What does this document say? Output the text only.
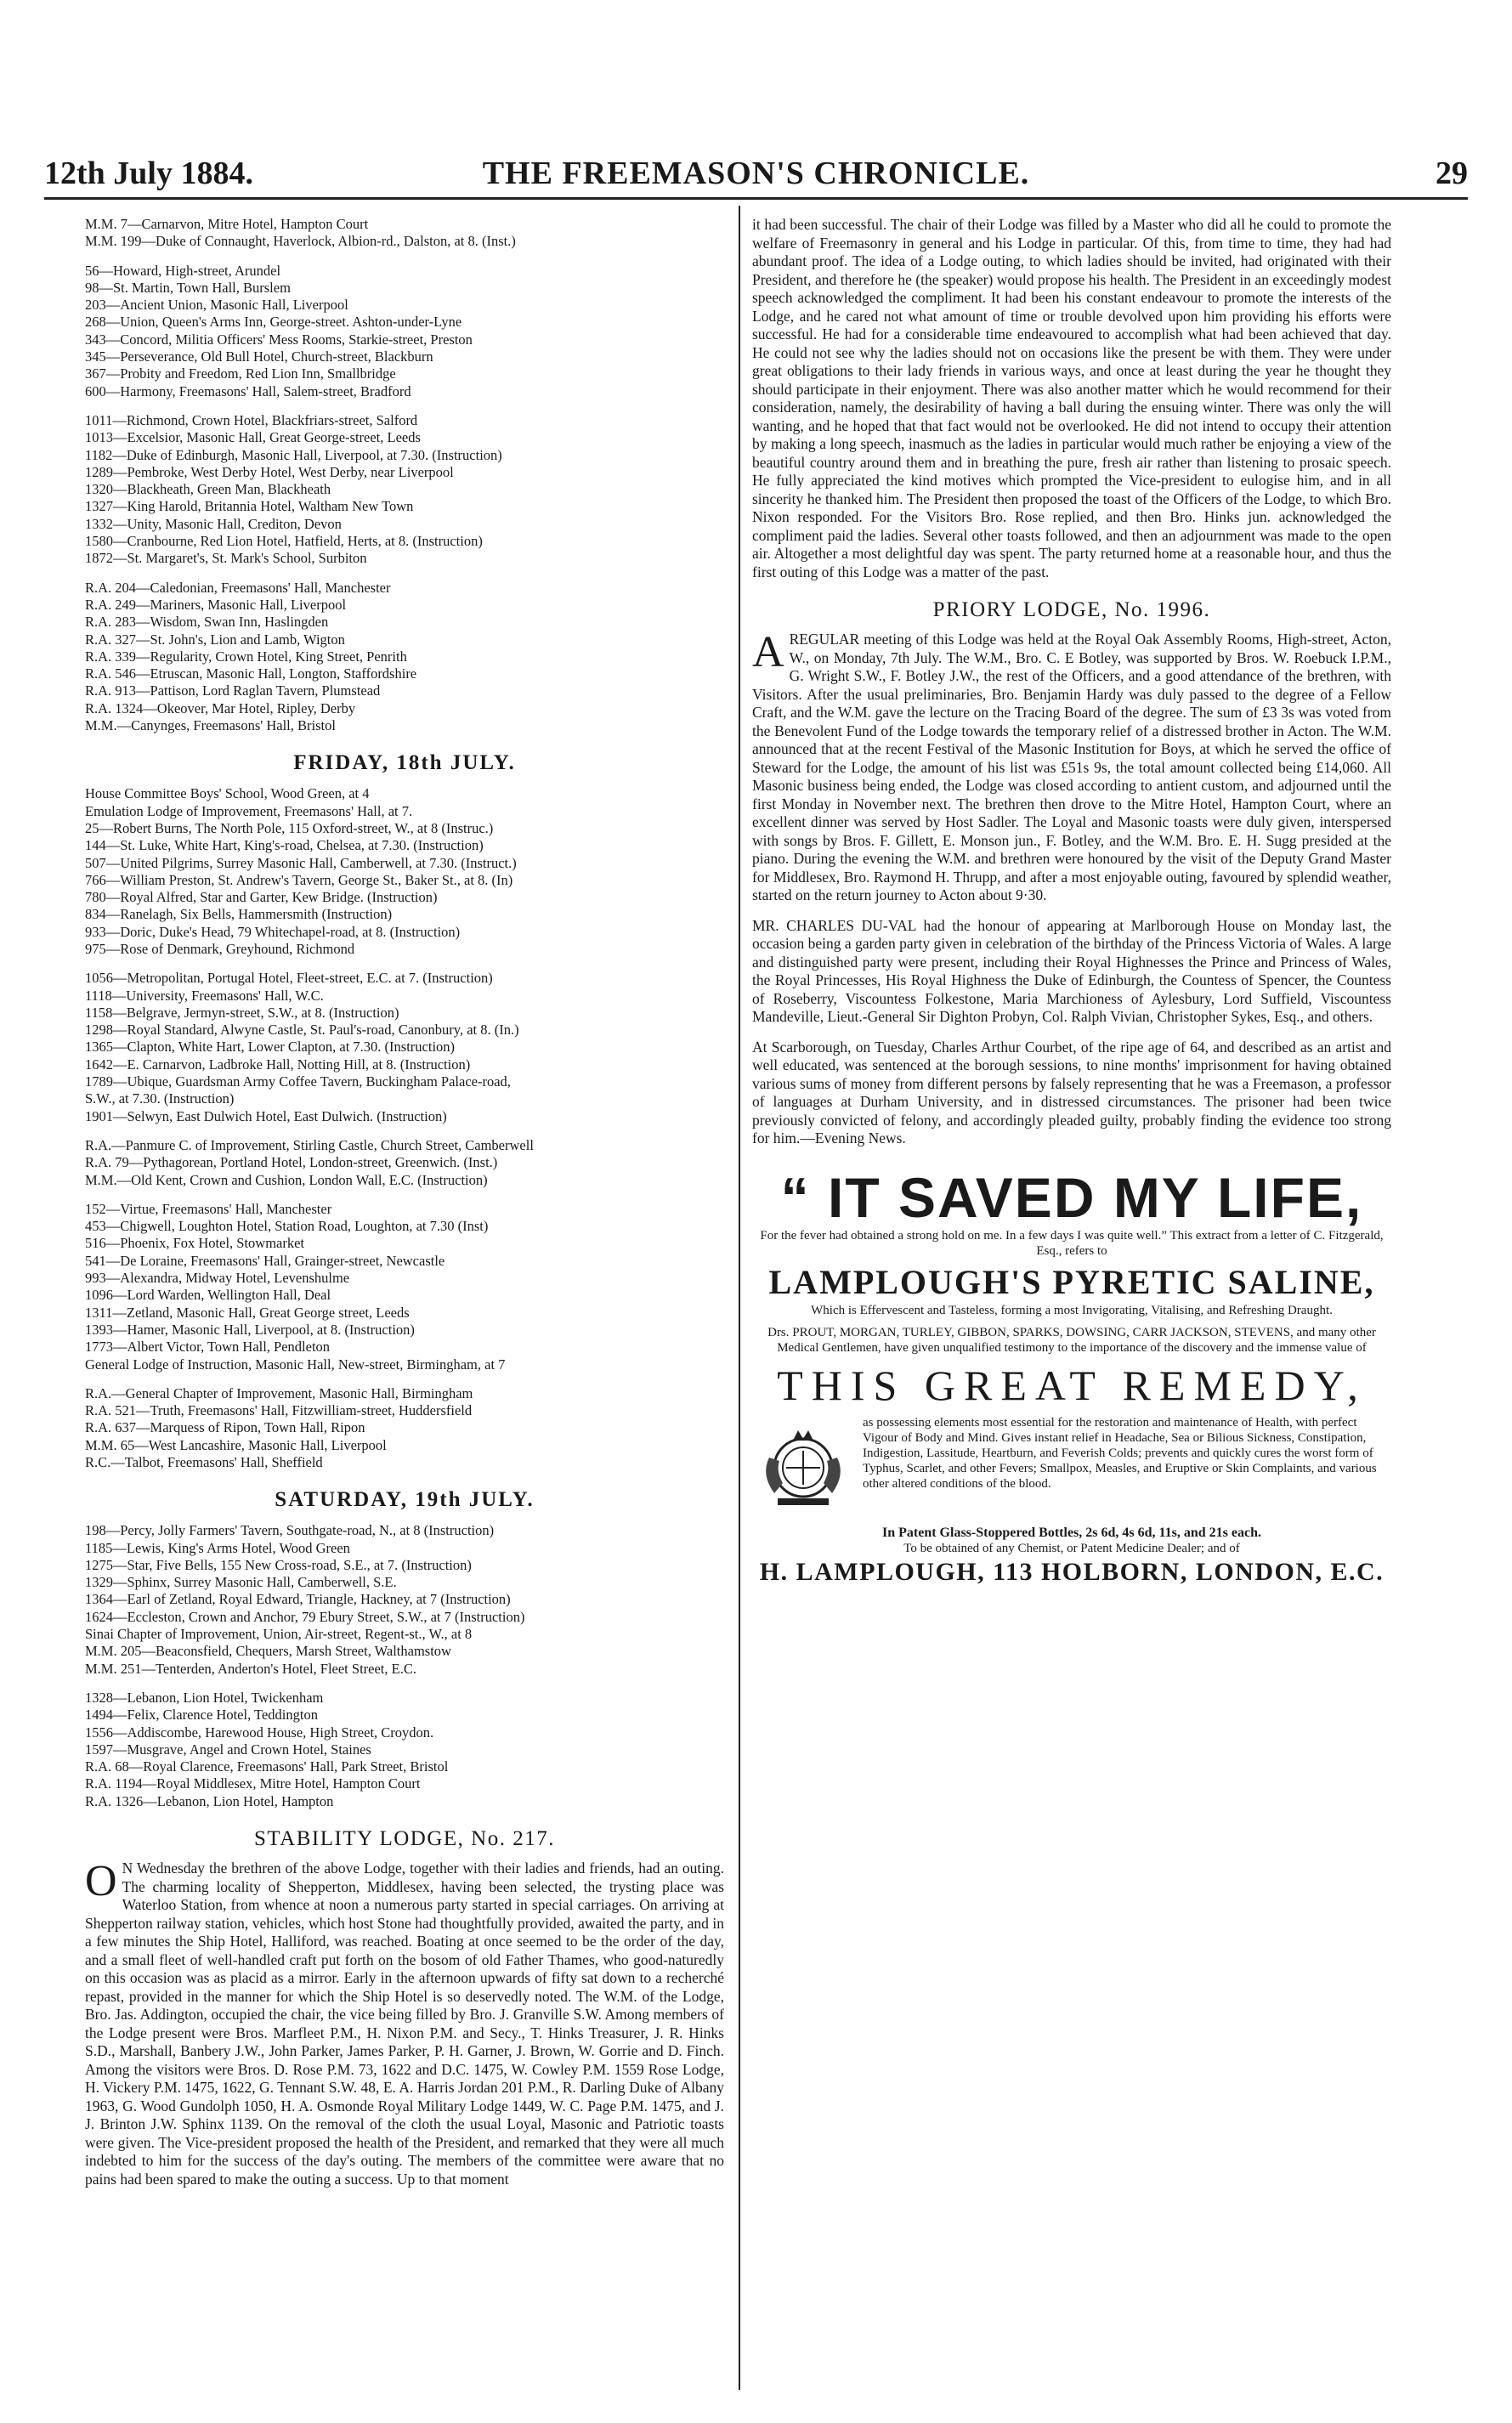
12th July 1884.	THE FREEMASON'S CHRONICLE.	29
M.M. 7—Carnarvon, Mitre Hotel, Hampton Court
M.M. 199—Duke of Connaught, Haverlock, Albion-rd., Dalston, at 8. (Inst.)
56—Howard, High-street, Arundel
98—St. Martin, Town Hall, Burslem
203—Ancient Union, Masonic Hall, Liverpool
268—Union, Queen's Arms Inn, George-street. Ashton-under-Lyne
343—Concord, Militia Officers' Mess Rooms, Starkie-street, Preston
345—Perseverance, Old Bull Hotel, Church-street, Blackburn
367—Probity and Freedom, Red Lion Inn, Smallbridge
600—Harmony, Freemasons' Hall, Salem-street, Bradford
1011—Richmond, Crown Hotel, Blackfriars-street, Salford
1013—Excelsior, Masonic Hall, Great George-street, Leeds
1182—Duke of Edinburgh, Masonic Hall, Liverpool, at 7.30. (Instruction)
1289—Pembroke, West Derby Hotel, West Derby, near Liverpool
1320—Blackheath, Green Man, Blackheath
1327—King Harold, Britannia Hotel, Waltham New Town
1332—Unity, Masonic Hall, Crediton, Devon
1580—Cranbourne, Red Lion Hotel, Hatfield, Herts, at 8. (Instruction)
1872—St. Margaret's, St. Mark's School, Surbiton
R.A. 204—Caledonian, Freemasons' Hall, Manchester
R.A. 249—Mariners, Masonic Hall, Liverpool
R.A. 283—Wisdom, Swan Inn, Haslingden
R.A. 327—St. John's, Lion and Lamb, Wigton
R.A. 339—Regularity, Crown Hotel, King Street, Penrith
R.A. 546—Etruscan, Masonic Hall, Longton, Staffordshire
R.A. 913—Pattison, Lord Raglan Tavern, Plumstead
R.A. 1324—Okeover, Mar Hotel, Ripley, Derby
M.M.—Canynges, Freemasons' Hall, Bristol
FRIDAY, 18th JULY.
House Committee Boys' School, Wood Green, at 4
Emulation Lodge of Improvement, Freemasons' Hall, at 7.
25—Robert Burns, The North Pole, 115 Oxford-street, W., at 8 (Instruc.)
144—St. Luke, White Hart, King's-road, Chelsea, at 7.30. (Instruction)
507—United Pilgrims, Surrey Masonic Hall, Camberwell, at 7.30. (Instruct.)
766—William Preston, St. Andrew's Tavern, George St., Baker St., at 8. (In)
780—Royal Alfred, Star and Garter, Kew Bridge. (Instruction)
834—Ranelagh, Six Bells, Hammersmith (Instruction)
933—Doric, Duke's Head, 79 Whitechapel-road, at 8. (Instruction)
975—Rose of Denmark, Greyhound, Richmond
1056—Metropolitan, Portugal Hotel, Fleet-street, E.C. at 7. (Instruction)
1118—University, Freemasons' Hall, W.C.
1158—Belgrave, Jermyn-street, S.W., at 8. (Instruction)
1298—Royal Standard, Alwyne Castle, St. Paul's-road, Canonbury, at 8. (In.)
1365—Clapton, White Hart, Lower Clapton, at 7.30. (Instruction)
1642—E. Carnarvon, Ladbroke Hall, Notting Hill, at 8. (Instruction)
1789—Ubique, Guardsman Army Coffee Tavern, Buckingham Palace-road,
S.W., at 7.30. (Instruction)
1901—Selwyn, East Dulwich Hotel, East Dulwich. (Instruction)
R.A.—Panmure C. of Improvement, Stirling Castle, Church Street, Camberwell
R.A. 79—Pythagorean, Portland Hotel, London-street, Greenwich. (Inst.)
M.M.—Old Kent, Crown and Cushion, London Wall, E.C. (Instruction)
152—Virtue, Freemasons' Hall, Manchester
453—Chigwell, Loughton Hotel, Station Road, Loughton, at 7.30 (Inst)
516—Phoenix, Fox Hotel, Stowmarket
541—De Loraine, Freemasons' Hall, Grainger-street, Newcastle
993—Alexandra, Midway Hotel, Levenshulme
1096—Lord Warden, Wellington Hall, Deal
1311—Zetland, Masonic Hall, Great George street, Leeds
1393—Hamer, Masonic Hall, Liverpool, at 8. (Instruction)
1773—Albert Victor, Town Hall, Pendleton
General Lodge of Instruction, Masonic Hall, New-street, Birmingham, at 7
R.A.—General Chapter of Improvement, Masonic Hall, Birmingham
R.A. 521—Truth, Freemasons' Hall, Fitzwilliam-street, Huddersfield
R.A. 637—Marquess of Ripon, Town Hall, Ripon
M.M. 65—West Lancashire, Masonic Hall, Liverpool
R.C.—Talbot, Freemasons' Hall, Sheffield
SATURDAY, 19th JULY.
198—Percy, Jolly Farmers' Tavern, Southgate-road, N., at 8 (Instruction)
1185—Lewis, King's Arms Hotel, Wood Green
1275—Star, Five Bells, 155 New Cross-road, S.E., at 7. (Instruction)
1329—Sphinx, Surrey Masonic Hall, Camberwell, S.E.
1364—Earl of Zetland, Royal Edward, Triangle, Hackney, at 7 (Instruction)
1624—Eccleston, Crown and Anchor, 79 Ebury Street, S.W., at 7 (Instruction)
Sinai Chapter of Improvement, Union, Air-street, Regent-st., W., at 8
M.M. 205—Beaconsfield, Chequers, Marsh Street, Walthamstow
M.M. 251—Tenterden, Anderton's Hotel, Fleet Street, E.C.
1328—Lebanon, Lion Hotel, Twickenham
1494—Felix, Clarence Hotel, Teddington
1556—Addiscombe, Harewood House, High Street, Croydon.
1597—Musgrave, Angel and Crown Hotel, Staines
R.A. 68—Royal Clarence, Freemasons' Hall, Park Street, Bristol
R.A. 1194—Royal Middlesex, Mitre Hotel, Hampton Court
R.A. 1326—Lebanon, Lion Hotel, Hampton
STABILITY LODGE, No. 217.

ON Wednesday the brethren of the above Lodge, together with their ladies and friends, had an outing. The charming locality of Shepperton, Middlesex, having been selected, the trysting place was Waterloo Station, from whence at noon a numerous party started in special carriages. On arriving at Shepperton railway station, vehicles, which host Stone had thoughtfully provided, awaited the party, and in a few minutes the Ship Hotel, Halliford, was reached. Boating at once seemed to be the order of the day, and a small fleet of well-handled craft put forth on the bosom of old Father Thames, who good-naturedly on this occasion was as placid as a mirror. Early in the afternoon upwards of fifty sat down to a recherché repast, provided in the manner for which the Ship Hotel is so deservedly noted. The W.M. of the Lodge, Bro. Jas. Addington, occupied the chair, the vice being filled by Bro. J. Granville S.W. Among members of the Lodge present were Bros. Marfleet P.M., H. Nixon P.M. and Secy., T. Hinks Treasurer, J. R. Hinks S.D., Marshall, Banbery J.W., John Parker, James Parker, P. H. Garner, J. Brown, W. Gorrie and D. Finch. Among the visitors were Bros. D. Rose P.M. 73, 1622 and D.C. 1475, W. Cowley P.M. 1559 Rose Lodge, H. Vickery P.M. 1475, 1622, G. Tennant S.W. 48, E. A. Harris Jordan 201 P.M., R. Darling Duke of Albany 1963, G. Wood Gundolph 1050, H. A. Osmonde Royal Military Lodge 1449, W. C. Page P.M. 1475, and J. J. Brinton J.W. Sphinx 1139. On the removal of the cloth the usual Loyal, Masonic and Patriotic toasts were given. The Vice-president proposed the health of the President, and remarked that they were all much indebted to him for the success of the day's outing. The members of the committee were aware that no pains had been spared to make the outing a success. Up to that moment

it had been successful. The chair of their Lodge was filled by a Master who did all he could to promote the welfare of Freemasonry in general and his Lodge in particular. Of this, from time to time, they had had abundant proof. The idea of a Lodge outing, to which ladies should be invited, had originated with their President, and therefore he (the speaker) would propose his health. The President in an exceedingly modest speech acknowledged the compliment. It had been his constant endeavour to promote the interests of the Lodge, and he cared not what amount of time or trouble devolved upon him providing his efforts were successful. He had for a considerable time endeavoured to accomplish what had been achieved that day. He could not see why the ladies should not on occasions like the present be with them. They were under great obligations to their lady friends in various ways, and once at least during the year he thought they should participate in their enjoyment. There was also another matter which he would recommend for their consideration, namely, the desirability of having a ball during the ensuing winter. There was only the will wanting, and he hoped that that fact would not be overlooked. He did not intend to occupy their attention by making a long speech, inasmuch as the ladies in particular would much rather be enjoying a view of the beautiful country around them and in breathing the pure, fresh air rather than listening to prosaic speech. He fully appreciated the kind motives which prompted the Vice-president to eulogise him, and in all sincerity he thanked him. The President then proposed the toast of the Officers of the Lodge, to which Bro. Nixon responded. For the Visitors Bro. Rose replied, and then Bro. Hinks jun. acknowledged the compliment paid the ladies. Several other toasts followed, and then an adjournment was made to the open air. Altogether a most delightful day was spent. The party returned home at a reasonable hour, and thus the first outing of this Lodge was a matter of the past.

PRIORY LODGE, No. 1996.

AREGULAR meeting of this Lodge was held at the Royal Oak Assembly Rooms, High-street, Acton, W., on Monday, 7th July. The W.M., Bro. C. E Botley, was supported by Bros. W. Roebuck I.P.M., G. Wright S.W., F. Botley J.W., the rest of the Officers, and a good attendance of the brethren, with Visitors. After the usual preliminaries, Bro. Benjamin Hardy was duly passed to the degree of a Fellow Craft, and the W.M. gave the lecture on the Tracing Board of the degree. The sum of £3 3s was voted from the Benevolent Fund of the Lodge towards the temporary relief of a distressed brother in Acton. The W.M. announced that at the recent Festival of the Masonic Institution for Boys, at which he served the office of Steward for the Lodge, the amount of his list was £51s 9s, the total amount collected being £14,060. All Masonic business being ended, the Lodge was closed according to antient custom, and adjourned until the first Monday in November next. The brethren then drove to the Mitre Hotel, Hampton Court, where an excellent dinner was served by Host Sadler. The Loyal and Masonic toasts were duly given, interspersed with songs by Bros. F. Gillett, E. Monson jun., F. Botley, and the W.M. Bro. E. H. Sugg presided at the piano. During the evening the W.M. and brethren were honoured by the visit of the Deputy Grand Master for Middlesex, Bro. Raymond H. Thrupp, and after a most enjoyable outing, favoured by splendid weather, started on the return journey to Acton about 9·30.

MR. CHARLES DU-VAL had the honour of appearing at Marlborough House on Monday last, the occasion being a garden party given in celebration of the birthday of the Princess Victoria of Wales. A large and distinguished party were present, including their Royal Highnesses the Prince and Princess of Wales, the Royal Princesses, His Royal Highness the Duke of Edinburgh, the Countess of Spencer, the Countess of Roseberry, Viscountess Folkestone, Maria Marchioness of Aylesbury, Lord Suffield, Viscountess Mandeville, Lieut.-General Sir Dighton Probyn, Col. Ralph Vivian, Christopher Sykes, Esq., and others.

At Scarborough, on Tuesday, Charles Arthur Courbet, of the ripe age of 64, and described as an artist and well educated, was sentenced at the borough sessions, to nine months' imprisonment for having obtained various sums of money from different persons by falsely representing that he was a Freemason, a professor of languages at Durham University, and in distressed circumstances. The prisoner had been twice previously convicted of felony, and accordingly pleaded guilty, probably finding the evidence too strong for him.—Evening News.

“ IT SAVED MY LIFE,
For the fever had obtained a strong hold on me. In a few days I was quite well.” This extract from a letter of C. Fitzgerald, Esq., refers to
LAMPLOUGH'S PYRETIC SALINE,
Which is Effervescent and Tasteless, forming a most Invigorating, Vitalising, and Refreshing Draught.
Drs. PROUT, MORGAN, TURLEY, GIBBON, SPARKS, DOWSING, CARR JACKSON, STEVENS, and many other Medical Gentlemen, have given unqualified testimony to the importance of the discovery and the immense value of
THIS GREAT REMEDY,
as possessing elements most essential for the restoration and maintenance of Health, with perfect Vigour of Body and Mind. Gives instant relief in Headache, Sea or Bilious Sickness, Constipation, Indigestion, Lassitude, Heartburn, and Feverish Colds; prevents and quickly cures the worst form of Typhus, Scarlet, and other Fevers; Smallpox, Measles, and Eruptive or Skin Complaints, and various other altered conditions of the blood.
In Patent Glass-Stoppered Bottles, 2s 6d, 4s 6d, 11s, and 21s each.
To be obtained of any Chemist, or Patent Medicine Dealer; and of
H. LAMPLOUGH, 113 HOLBORN, LONDON, E.C.
